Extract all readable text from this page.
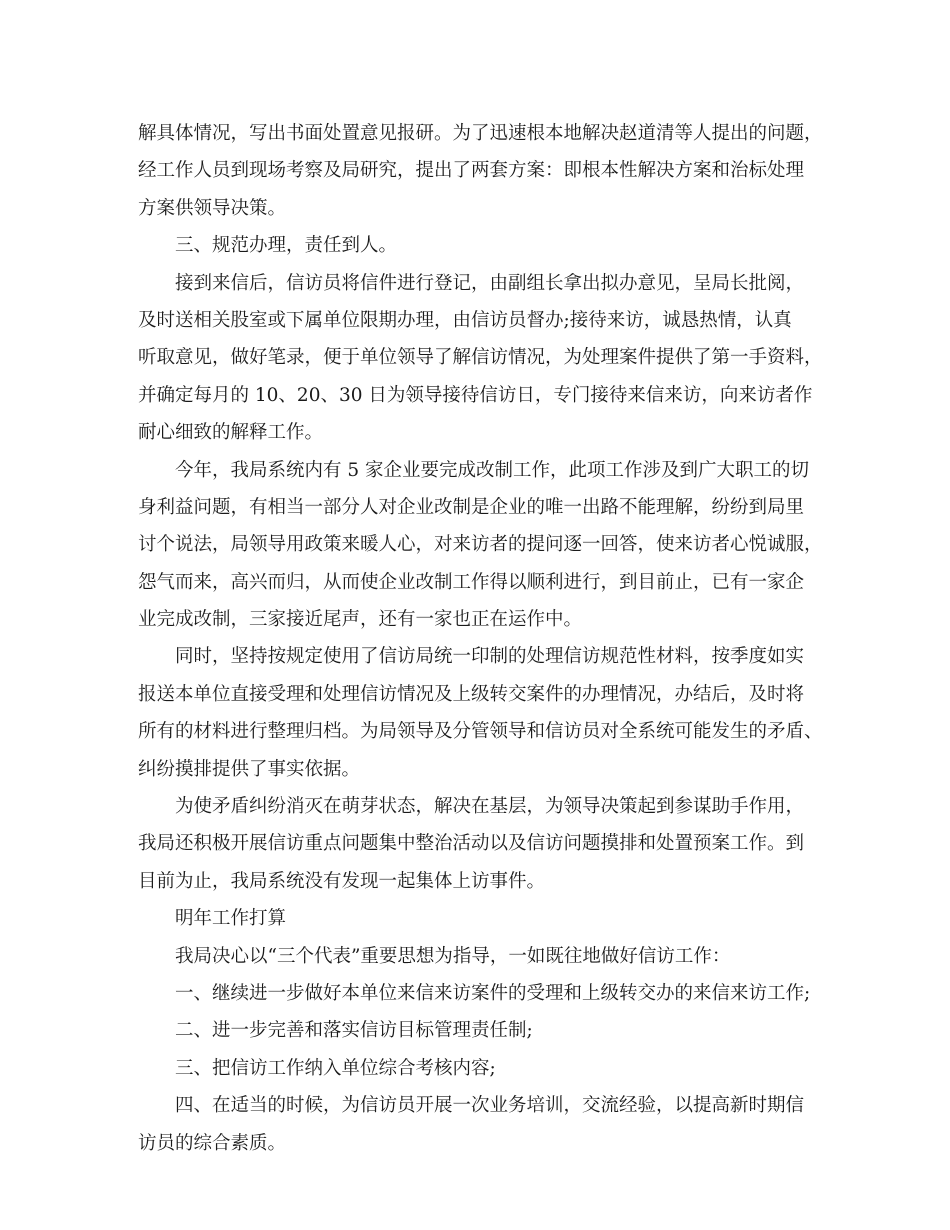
解具体情况，写出书面处置意见报研。为了迅速根本地解决赵道清等人提出的问题，

经工作人员到现场考察及局研究，提出了两套方案：即根本性解决方案和治标处理

方案供领导决策。

三、规范办理，责任到人。

接到来信后，信访员将信件进行登记，由副组长拿出拟办意见，呈局长批阅，

及时送相关股室或下属单位限期办理，由信访员督办;接待来访，诚恳热情，认真

听取意见，做好笔录，便于单位领导了解信访情况，为处理案件提供了第一手资料，

并确定每月的 10、20、30 日为领导接待信访日，专门接待来信来访，向来访者作

耐心细致的解释工作。

今年，我局系统内有 5 家企业要完成改制工作，此项工作涉及到广大职工的切

身利益问题，有相当一部分人对企业改制是企业的唯一出路不能理解，纷纷到局里

讨个说法，局领导用政策来暖人心，对来访者的提问逐一回答，使来访者心悦诚服，

怨气而来，高兴而归，从而使企业改制工作得以顺利进行，到目前止，已有一家企

业完成改制，三家接近尾声，还有一家也正在运作中。

同时，坚持按规定使用了信访局统一印制的处理信访规范性材料，按季度如实

报送本单位直接受理和处理信访情况及上级转交案件的办理情况，办结后，及时将

所有的材料进行整理归档。为局领导及分管领导和信访员对全系统可能发生的矛盾、

纠纷摸排提供了事实依据。

为使矛盾纠纷消灭在萌芽状态，解决在基层，为领导决策起到参谋助手作用，

我局还积极开展信访重点问题集中整治活动以及信访问题摸排和处置预案工作。到

目前为止，我局系统没有发现一起集体上访事件。

明年工作打算

我局决心以“三个代表”重要思想为指导，一如既往地做好信访工作：

一、继续进一步做好本单位来信来访案件的受理和上级转交办的来信来访工作;

二、进一步完善和落实信访目标管理责任制;

三、把信访工作纳入单位综合考核内容;

四、在适当的时候，为信访员开展一次业务培训，交流经验，以提高新时期信

访员的综合素质。
